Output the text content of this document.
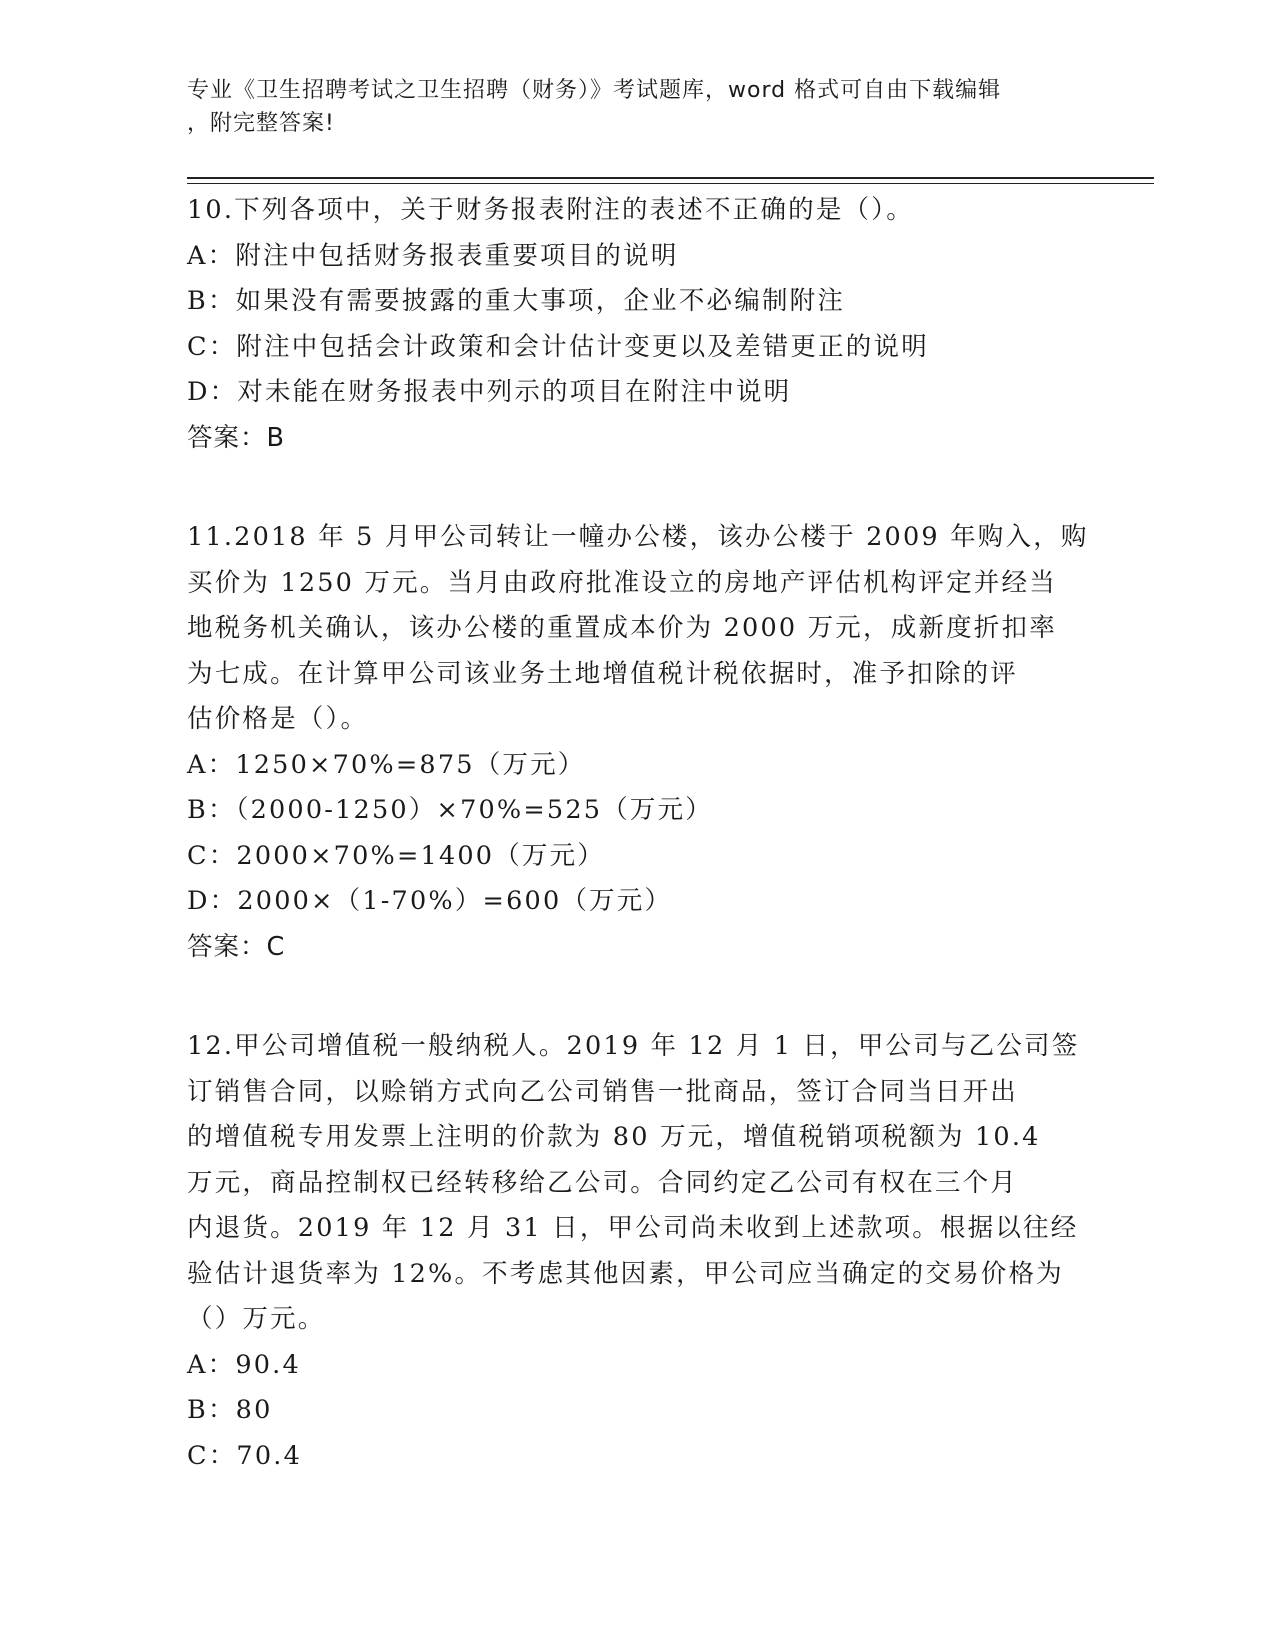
专业《卫生招聘考试之卫生招聘（财务）》考试题库，word 格式可自由下载编辑
，附完整答案!
10.下列各项中，关于财务报表附注的表述不正确的是（）。
A：附注中包括财务报表重要项目的说明
B：如果没有需要披露的重大事项，企业不必编制附注
C：附注中包括会计政策和会计估计变更以及差错更正的说明
D：对未能在财务报表中列示的项目在附注中说明
答案：B
11.2018 年 5 月甲公司转让一幢办公楼，该办公楼于 2009 年购入，购
买价为 1250 万元。当月由政府批准设立的房地产评估机构评定并经当
地税务机关确认，该办公楼的重置成本价为 2000 万元，成新度折扣率
为七成。在计算甲公司该业务土地增值税计税依据时，准予扣除的评
估价格是（）。
A：1250×70%=875（万元）
B：（2000-1250）×70%=525（万元）
C：2000×70%=1400（万元）
D：2000×（1-70%）=600（万元）
答案：C
12.甲公司增值税一般纳税人。2019 年 12 月 1 日，甲公司与乙公司签
订销售合同，以赊销方式向乙公司销售一批商品，签订合同当日开出
的增值税专用发票上注明的价款为 80 万元，增值税销项税额为 10.4
万元，商品控制权已经转移给乙公司。合同约定乙公司有权在三个月
内退货。2019 年 12 月 31 日，甲公司尚未收到上述款项。根据以往经
验估计退货率为 12%。不考虑其他因素，甲公司应当确定的交易价格为
（）万元。
A：90.4
B：80
C：70.4
